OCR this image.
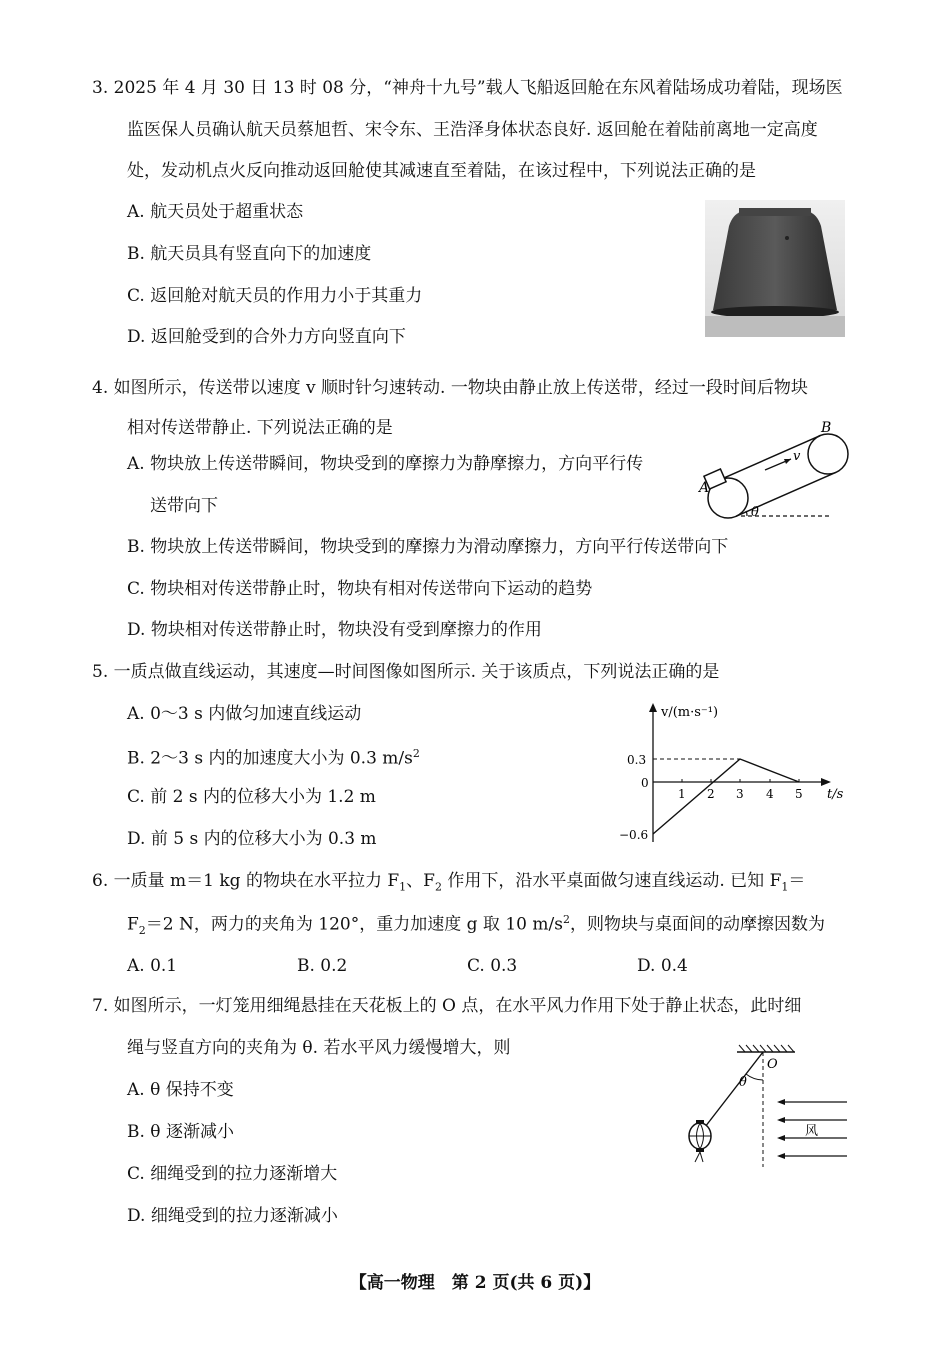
3. 2025 年 4 月 30 日 13 时 08 分，“神舟十九号”载人飞船返回舱在东风着陆场成功着陆，现场医
监医保人员确认航天员蔡旭哲、宋令东、王浩泽身体状态良好. 返回舱在着陆前离地一定高度
处，发动机点火反向推动返回舱使其减速直至着陆，在该过程中，下列说法正确的是
A. 航天员处于超重状态
B. 航天员具有竖直向下的加速度
C. 返回舱对航天员的作用力小于其重力
D. 返回舱受到的合外力方向竖直向下
4. 如图所示，传送带以速度 v 顺时针匀速转动. 一物块由静止放上传送带，经过一段时间后物块
相对传送带静止. 下列说法正确的是
A. 物块放上传送带瞬间，物块受到的摩擦力为静摩擦力，方向平行传
送带向下
B. 物块放上传送带瞬间，物块受到的摩擦力为滑动摩擦力，方向平行传送带向下
C. 物块相对传送带静止时，物块有相对传送带向下运动的趋势
D. 物块相对传送带静止时，物块没有受到摩擦力的作用
B
A
v
θ
5. 一质点做直线运动，其速度—时间图像如图所示. 关于该质点，下列说法正确的是
A. 0～3 s 内做匀加速直线运动
B. 2～3 s 内的加速度大小为 0.3 $m/s^2$
C. 前 2 s 内的位移大小为 1.2 m
D. 前 5 s 内的位移大小为 0.3 m
v/(m·s⁻¹)
t/s
0
0.3
−0.6
1 2 3 4 5
6. 一质量 m＝1 kg 的物块在水平拉力 $F_1$、$F_2$ 作用下，沿水平桌面做匀速直线运动. 已知 $F_1=$
$F_2=2$ N，两力的夹角为 120°，重力加速度 g 取 10 $m/s^2$，则物块与桌面间的动摩擦因数为
A. 0.1	B. 0.2	C. 0.3	D. 0.4
7. 如图所示，一灯笼用细绳悬挂在天花板上的 O 点，在水平风力作用下处于静止状态，此时细
绳与竖直方向的夹角为 θ. 若水平风力缓慢增大，则
A. θ 保持不变
B. θ 逐渐减小
C. 细绳受到的拉力逐渐增大
D. 细绳受到的拉力逐渐减小
O
θ
风
【高一物理　第 2 页(共 6 页)】
